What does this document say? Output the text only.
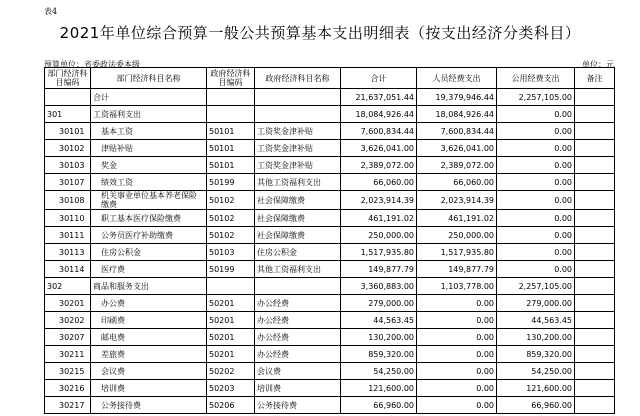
表4
2021年单位综合预算一般公共预算基本支出明细表（按支出经济分类科目）
预算单位：省委政法委本级	单位：元
部门经济科目编码	部门经济科目名称	政府经济科目编码	政府经济科目名称	合计	人员经费支出	公用经费支出	备注
	合计			21,637,051.44	19,379,946.44	2,257,105.00	
301	工资福利支出			18,084,926.44	18,084,926.44	0.00	
30101	基本工资	50101	工资奖金津补贴	7,600,834.44	7,600,834.44	0.00	
30102	津贴补贴	50101	工资奖金津补贴	3,626,041.00	3,626,041.00	0.00	
30103	奖金	50101	工资奖金津补贴	2,389,072.00	2,389,072.00	0.00	
30107	绩效工资	50199	其他工资福利支出	66,060.00	66,060.00	0.00	
30108	机关事业单位基本养老保险缴费	50102	社会保障缴费	2,023,914.39	2,023,914.39	0.00	
30110	职工基本医疗保险缴费	50102	社会保障缴费	461,191.02	461,191.02	0.00	
30111	公务员医疗补助缴费	50102	社会保障缴费	250,000.00	250,000.00	0.00	
30113	住房公积金	50103	住房公积金	1,517,935.80	1,517,935.80	0.00	
30114	医疗费	50199	其他工资福利支出	149,877.79	149,877.79	0.00	
302	商品和服务支出			3,360,883.00	1,103,778.00	2,257,105.00	
30201	办公费	50201	办公经费	279,000.00	0.00	279,000.00	
30202	印刷费	50201	办公经费	44,563.45	0.00	44,563.45	
30207	邮电费	50201	办公经费	130,200.00	0.00	130,200.00	
30211	差旅费	50201	办公经费	859,320.00	0.00	859,320.00	
30215	会议费	50202	会议费	54,250.00	0.00	54,250.00	
30216	培训费	50203	培训费	121,600.00	0.00	121,600.00	
30217	公务接待费	50206	公务接待费	66,960.00	0.00	66,960.00	
